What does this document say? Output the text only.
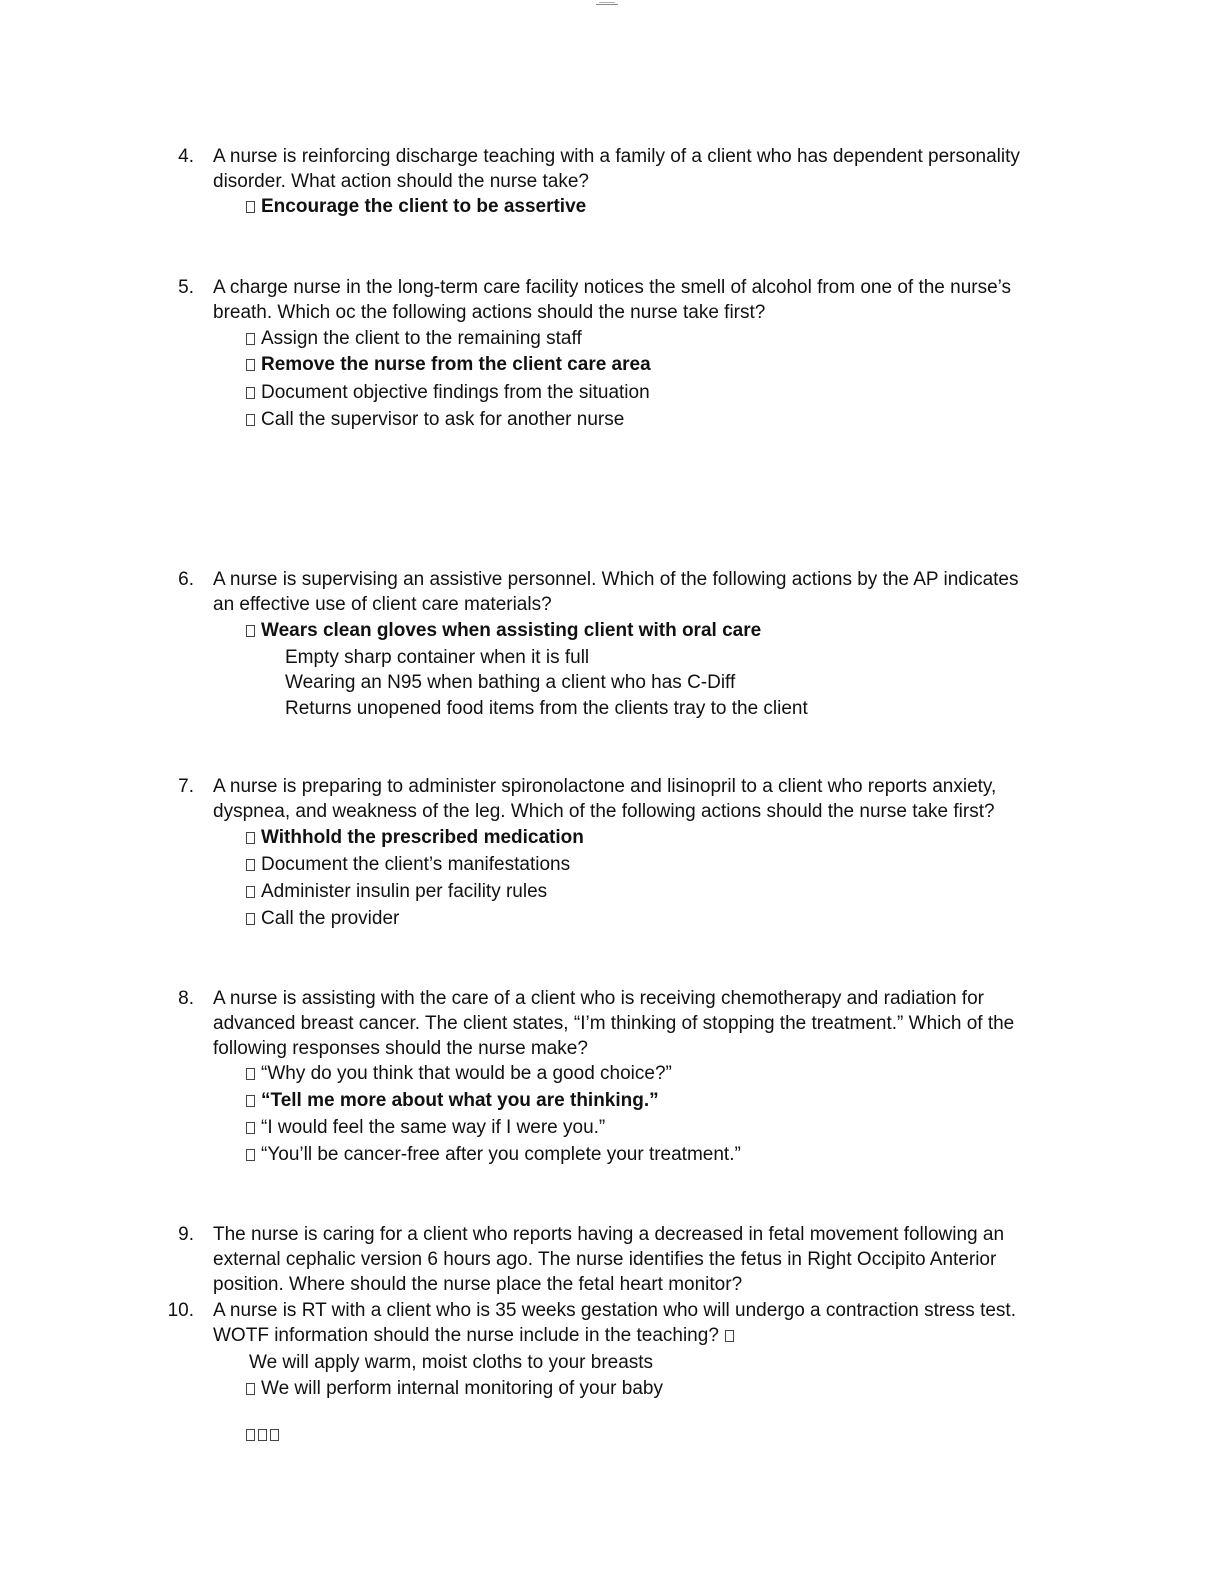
4. A nurse is reinforcing discharge teaching with a family of a client who has dependent personality
disorder. What action should the nurse take?
Encourage the client to be assertive
5. A charge nurse in the long-term care facility notices the smell of alcohol from one of the nurse’s
breath. Which oc the following actions should the nurse take first?
Assign the client to the remaining staff
Remove the nurse from the client care area
Document objective findings from the situation
Call the supervisor to ask for another nurse
6. A nurse is supervising an assistive personnel. Which of the following actions by the AP indicates
an effective use of client care materials?
Wears clean gloves when assisting client with oral care
Empty sharp container when it is full
Wearing an N95 when bathing a client who has C-Diff
Returns unopened food items from the clients tray to the client
7. A nurse is preparing to administer spironolactone and lisinopril to a client who reports anxiety,
dyspnea, and weakness of the leg. Which of the following actions should the nurse take first?
Withhold the prescribed medication
Document the client’s manifestations
Administer insulin per facility rules
Call the provider
8. A nurse is assisting with the care of a client who is receiving chemotherapy and radiation for
advanced breast cancer. The client states, “I’m thinking of stopping the treatment.” Which of the
following responses should the nurse make?
“Why do you think that would be a good choice?”
“Tell me more about what you are thinking.”
“I would feel the same way if I were you.”
“You’ll be cancer-free after you complete your treatment.”
9. The nurse is caring for a client who reports having a decreased in fetal movement following an
external cephalic version 6 hours ago. The nurse identifies the fetus in Right Occipito Anterior
position. Where should the nurse place the fetal heart monitor?
10. A nurse is RT with a client who is 35 weeks gestation who will undergo a contraction stress test.
WOTF information should the nurse include in the teaching?
We will apply warm, moist cloths to your breasts
We will perform internal monitoring of your baby
